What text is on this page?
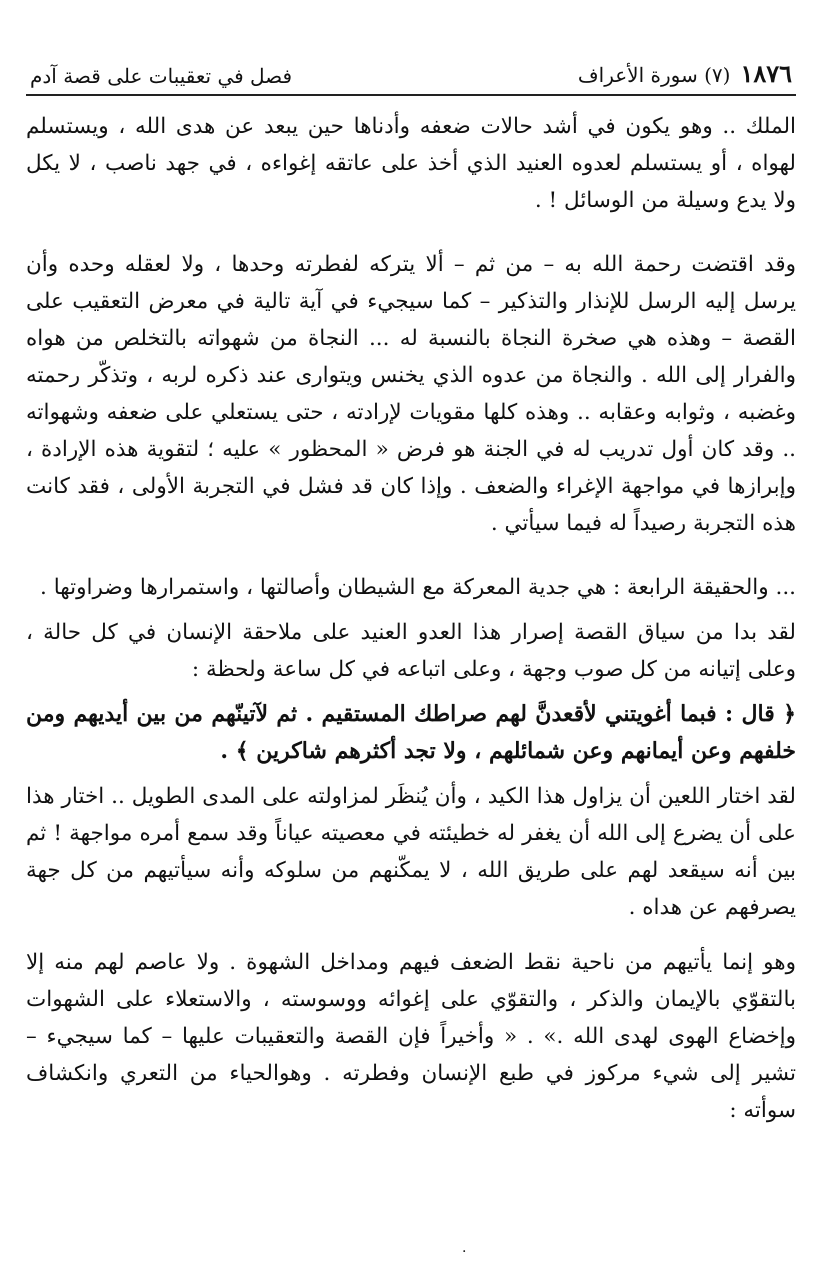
١٨٧٦
(٧) سورة الأعراف
فصل في تعقيبات على قصة آدم

الملك .. وهو يكون في أشد حالات ضعفه وأدناها حين يبعد عن هدى الله ، ويستسلم لهواه ، أو يستسلم لعدوه العنيد الذي أخذ على عاتقه إغواءه ، في جهد ناصب ، لا يكل ولا يدع وسيلة من الوسائل ! .

وقد اقتضت رحمة الله به – من ثم – ألا يتركه لفطرته وحدها ، ولا لعقله وحده وأن يرسل إليه الرسل للإنذار والتذكير – كما سيجيء في آية تالية في معرض التعقيب على القصة – وهذه هي صخرة النجاة بالنسبة له ... النجاة من شهواته بالتخلص من هواه والفرار إلى الله . والنجاة من عدوه الذي يخنس ويتوارى عند ذكره لربه ، وتذكّر رحمته وغضبه ، وثوابه وعقابه .. وهذه كلها مقويات لإرادته ، حتى يستعلي على ضعفه وشهواته .. وقد كان أول تدريب له في الجنة هو فرض « المحظور » عليه ؛ لتقوية هذه الإرادة ، وإبرازها في مواجهة الإغراء والضعف . وإذا كان قد فشل في التجربة الأولى ، فقد كانت هذه التجربة رصيداً له فيما سيأتي .

... والحقيقة الرابعة : هي جدية المعركة مع الشيطان وأصالتها ، واستمرارها وضراوتها .

لقد بدا من سياق القصة إصرار هذا العدو العنيد على ملاحقة الإنسان في كل حالة ، وعلى إتيانه من كل صوب وجهة ، وعلى اتباعه في كل ساعة ولحظة :

﴿ قال : فبما أغويتني لأقعدنَّ لهم صراطك المستقيم . ثم لآتينّهم من بين أيديهم ومن خلفهم وعن أيمانهم وعن شمائلهم ، ولا تجد أكثرهم شاكرين ﴾ .

لقد اختار اللعين أن يزاول هذا الكيد ، وأن يُنظَر لمزاولته على المدى الطويل .. اختار هذا على أن يضرع إلى الله أن يغفر له خطيئته في معصيته عياناً وقد سمع أمره مواجهة ! ثم بين أنه سيقعد لهم على طريق الله ، لا يمكّنهم من سلوكه وأنه سيأتيهم من كل جهة يصرفهم عن هداه .

وهو إنما يأتيهم من ناحية نقط الضعف فيهم ومداخل الشهوة . ولا عاصم لهم منه إلا بالتقوّي بالإيمان والذكر ، والتقوّي على إغوائه ووسوسته ، والاستعلاء على الشهوات وإخضاع الهوى لهدى الله .» . « وأخيراً فإن القصة والتعقيبات عليها – كما سيجيء – تشير إلى شيء مركوز في طبع الإنسان وفطرته . وهوالحياء من التعري وانكشاف سوأته :

·
